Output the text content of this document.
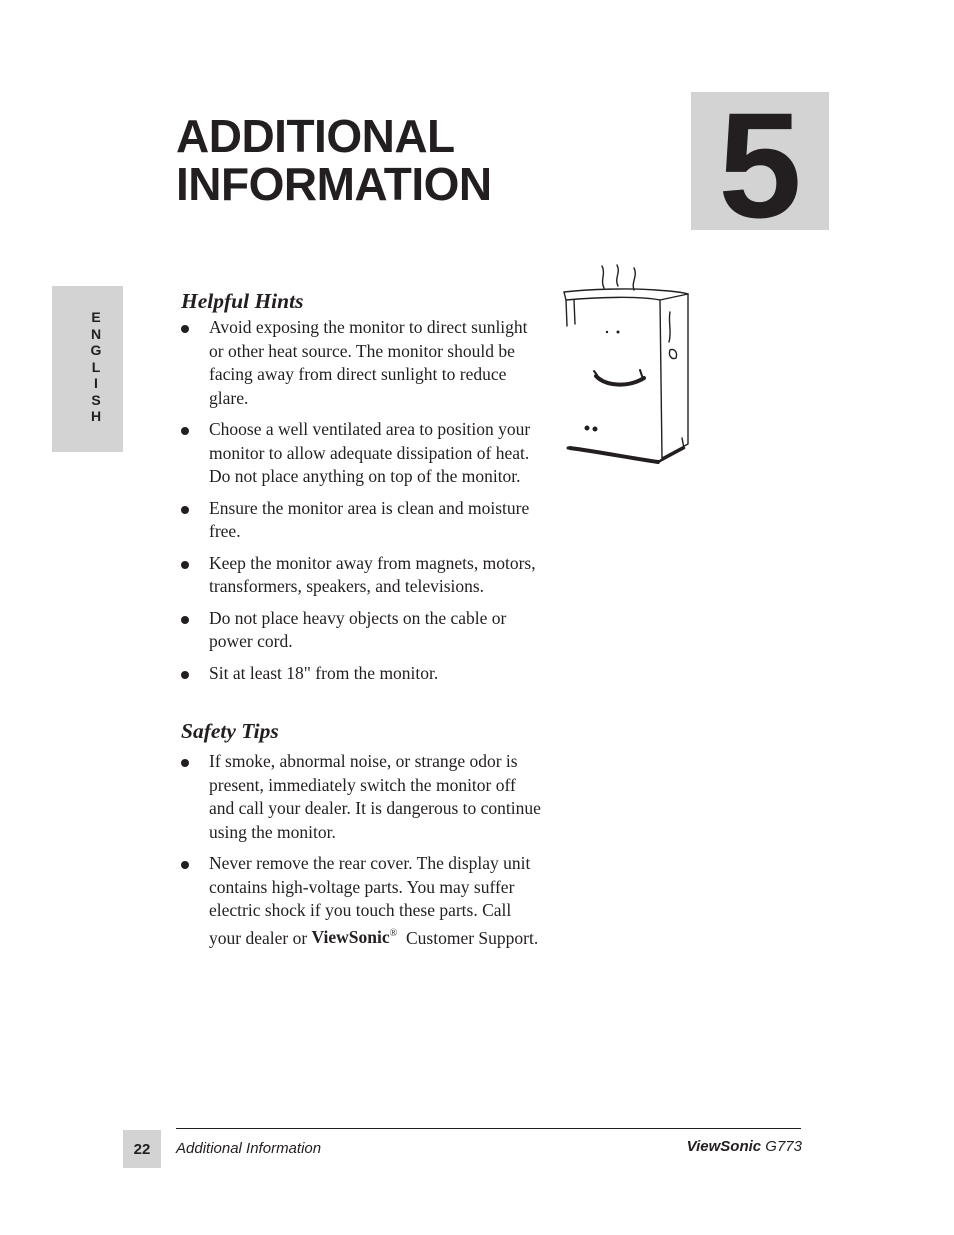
ADDITIONAL
INFORMATION 5
E
N
G
L
I
S
H
Helpful Hints
Avoid exposing the monitor to direct sunlight or other heat source. The monitor should be facing away from direct sunlight to reduce glare.
Choose a well ventilated area to position your monitor to allow adequate dissipation of heat. Do not place anything on top of the monitor.
Ensure the monitor area is clean and moisture free.
Keep the monitor away from magnets, motors, transformers, speakers, and televisions.
Do not place heavy objects on the cable or power cord.
Sit at least 18" from the monitor.
Safety Tips
If smoke, abnormal noise, or strange odor is present, immediately switch the monitor off and call your dealer. It is dangerous to continue using the monitor.
Never remove the rear cover. The display unit contains high-voltage parts. You may suffer electric shock if you touch these parts. Call your dealer or ViewSonic® Customer Support.
22 Additional Information	ViewSonic G773
